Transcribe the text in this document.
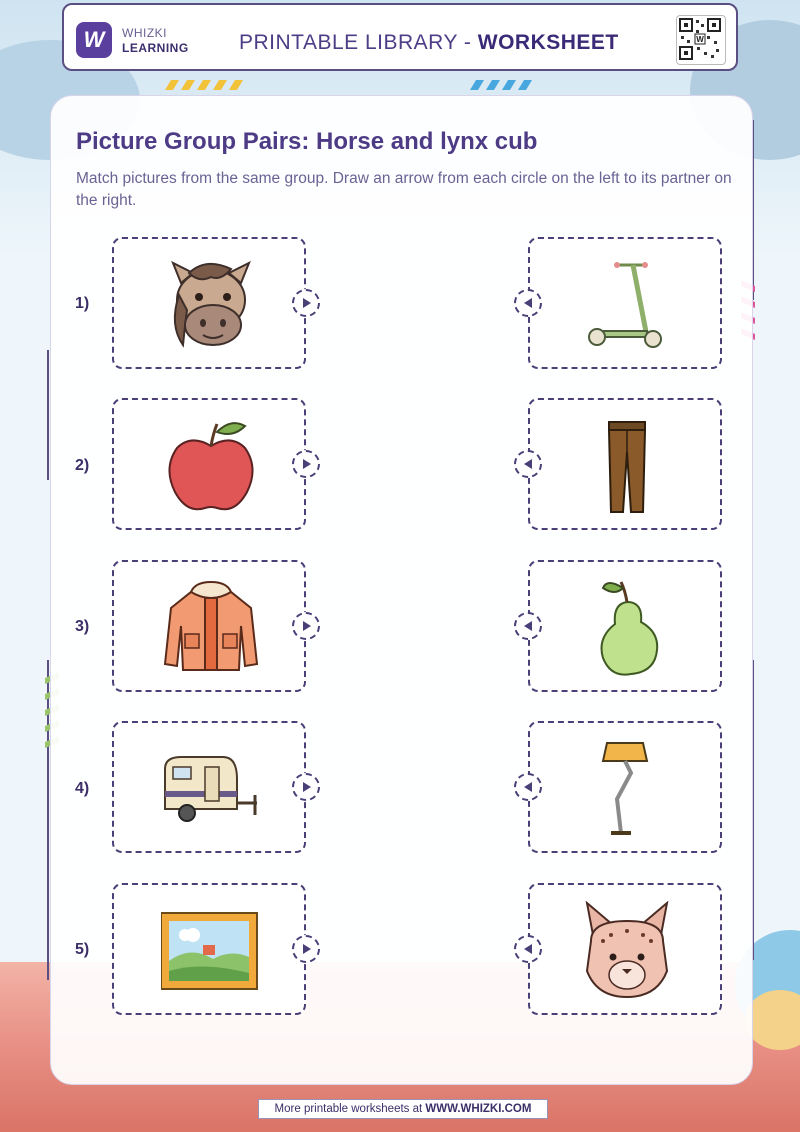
W WHIZKI
LEARNING PRINTABLE LIBRARY - WORKSHEET	W
Picture Group Pairs: Horse and lynx cub
Match pictures from the same group. Draw an arrow from each circle on the left to its partner on the right.
1)
2)
3)
4)
5)
More printable worksheets at WWW.WHIZKI.COM
